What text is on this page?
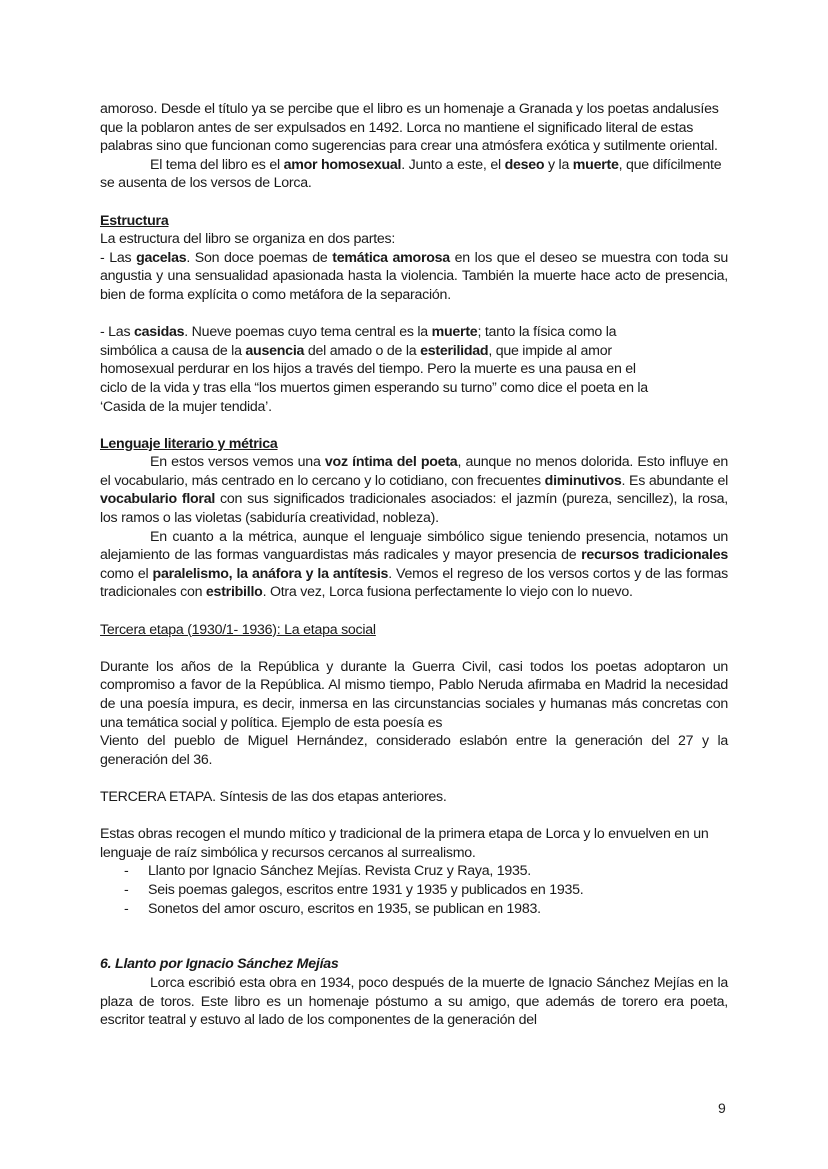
amoroso. Desde el título ya se percibe que el libro es un homenaje a Granada y los poetas andalusíes que la poblaron antes de ser expulsados en 1492. Lorca no mantiene el significado literal de estas palabras sino que funcionan como sugerencias para crear una atmósfera exótica y sutilmente oriental.

El tema del libro es el amor homosexual. Junto a este, el deseo y la muerte, que difícilmente se ausenta de los versos de Lorca.

Estructura

La estructura del libro se organiza en dos partes:

- Las gacelas. Son doce poemas de temática amorosa en los que el deseo se muestra con toda su angustia y una sensualidad apasionada hasta la violencia. También la muerte hace acto de presencia, bien de forma explícita o como metáfora de la separación.

- Las casidas. Nueve poemas cuyo tema central es la muerte; tanto la física como la simbólica a causa de la ausencia del amado o de la esterilidad, que impide al amor homosexual perdurar en los hijos a través del tiempo. Pero la muerte es una pausa en el ciclo de la vida y tras ella “los muertos gimen esperando su turno” como dice el poeta en la ‘Casida de la mujer tendida’.

Lenguaje literario y métrica

En estos versos vemos una voz íntima del poeta, aunque no menos dolorida. Esto influye en el vocabulario, más centrado en lo cercano y lo cotidiano, con frecuentes diminutivos. Es abundante el vocabulario floral con sus significados tradicionales asociados: el jazmín (pureza, sencillez), la rosa, los ramos o las violetas (sabiduría creatividad, nobleza).

En cuanto a la métrica, aunque el lenguaje simbólico sigue teniendo presencia, notamos un alejamiento de las formas vanguardistas más radicales y mayor presencia de recursos tradicionales como el paralelismo, la anáfora y la antítesis. Vemos el regreso de los versos cortos y de las formas tradicionales con estribillo. Otra vez, Lorca fusiona perfectamente lo viejo con lo nuevo.

Tercera etapa (1930/1- 1936): La etapa social

Durante los años de la República y durante la Guerra Civil, casi todos los poetas adoptaron un compromiso a favor de la República. Al mismo tiempo, Pablo Neruda afirmaba en Madrid la necesidad de una poesía impura, es decir, inmersa en las circunstancias sociales y humanas más concretas con una temática social y política. Ejemplo de esta poesía es

Viento del pueblo de Miguel Hernández, considerado eslabón entre la generación del 27 y la generación del 36.

TERCERA ETAPA. Síntesis de las dos etapas anteriores.

Estas obras recogen el mundo mítico y tradicional de la primera etapa de Lorca y lo envuelven en un lenguaje de raíz simbólica y recursos cercanos al surrealismo.

- Llanto por Ignacio Sánchez Mejías. Revista Cruz y Raya, 1935.
- Seis poemas galegos, escritos entre 1931 y 1935 y publicados en 1935.
- Sonetos del amor oscuro, escritos en 1935, se publican en 1983.

6. Llanto por Ignacio Sánchez Mejías

Lorca escribió esta obra en 1934, poco después de la muerte de Ignacio Sánchez Mejías en la plaza de toros. Este libro es un homenaje póstumo a su amigo, que además de torero era poeta, escritor teatral y estuvo al lado de los componentes de la generación del

9
